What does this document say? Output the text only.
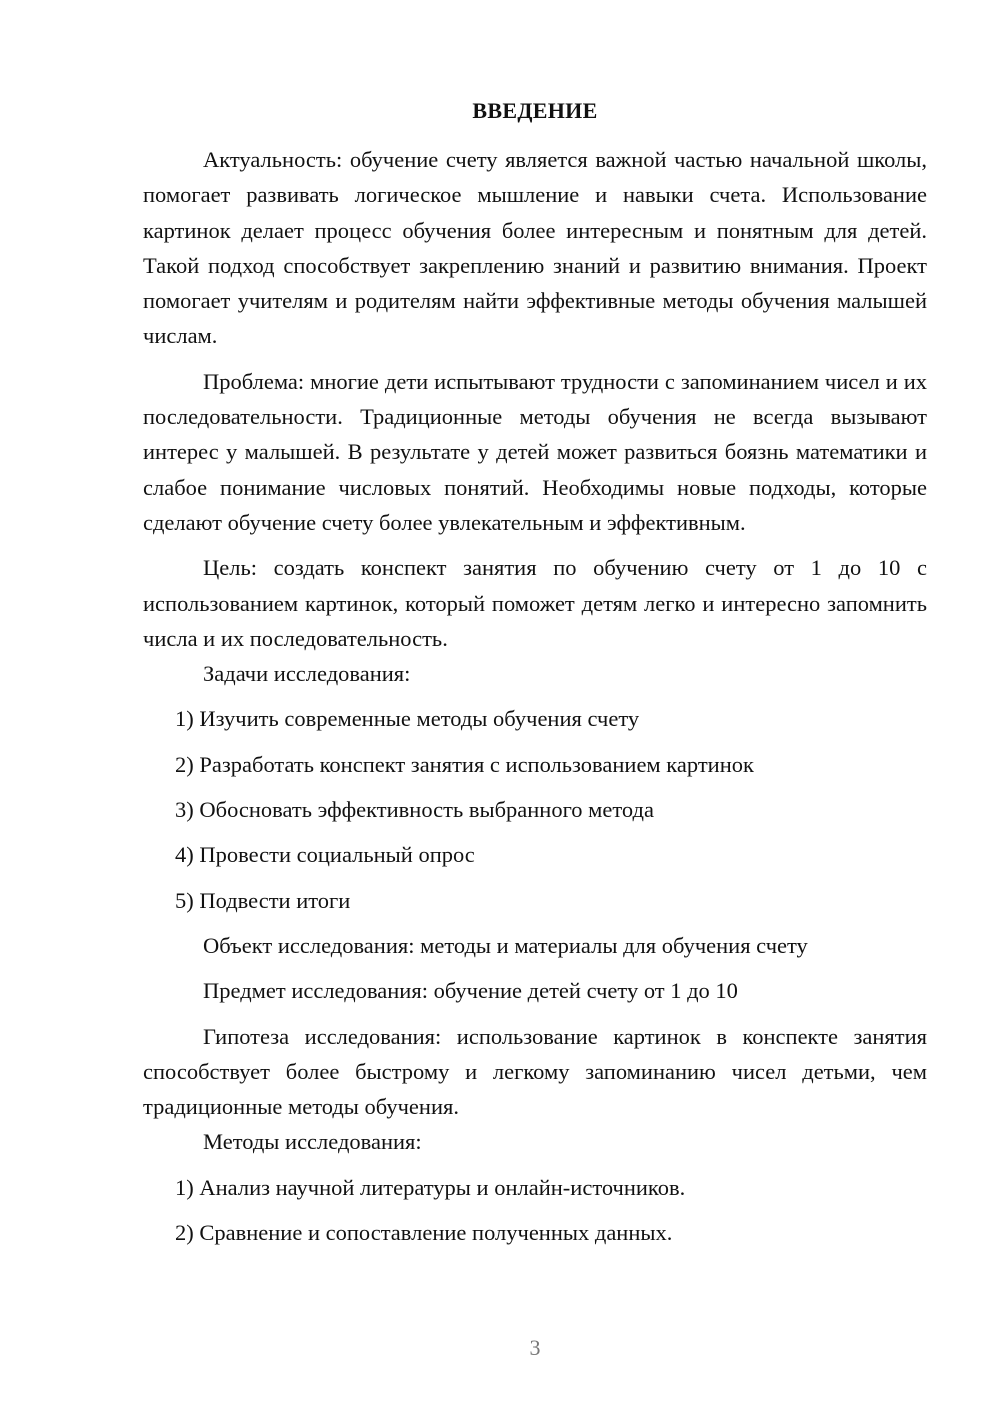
ВВЕДЕНИЕ

Актуальность: обучение счету является важной частью начальной школы, помогает развивать логическое мышление и навыки счета. Использование картинок делает процесс обучения более интересным и понятным для детей. Такой подход способствует закреплению знаний и развитию внимания. Проект помогает учителям и родителям найти эффективные методы обучения малышей числам.

Проблема: многие дети испытывают трудности с запоминанием чисел и их последовательности. Традиционные методы обучения не всегда вызывают интерес у малышей. В результате у детей может развиться боязнь математики и слабое понимание числовых понятий. Необходимы новые подходы, которые сделают обучение счету более увлекательным и эффективным.

Цель: создать конспект занятия по обучению счету от 1 до 10 с использованием картинок, который поможет детям легко и интересно запомнить числа и их последовательность.

Задачи исследования:

1) Изучить современные методы обучения счету

2) Разработать конспект занятия с использованием картинок

3) Обосновать эффективность выбранного метода

4) Провести социальный опрос

5) Подвести итоги

Объект исследования: методы и материалы для обучения счету

Предмет исследования: обучение детей счету от 1 до 10

Гипотеза исследования: использование картинок в конспекте занятия способствует более быстрому и легкому запоминанию чисел детьми, чем традиционные методы обучения.

Методы исследования:

1) Анализ научной литературы и онлайн-источников.

2) Сравнение и сопоставление полученных данных.

3
